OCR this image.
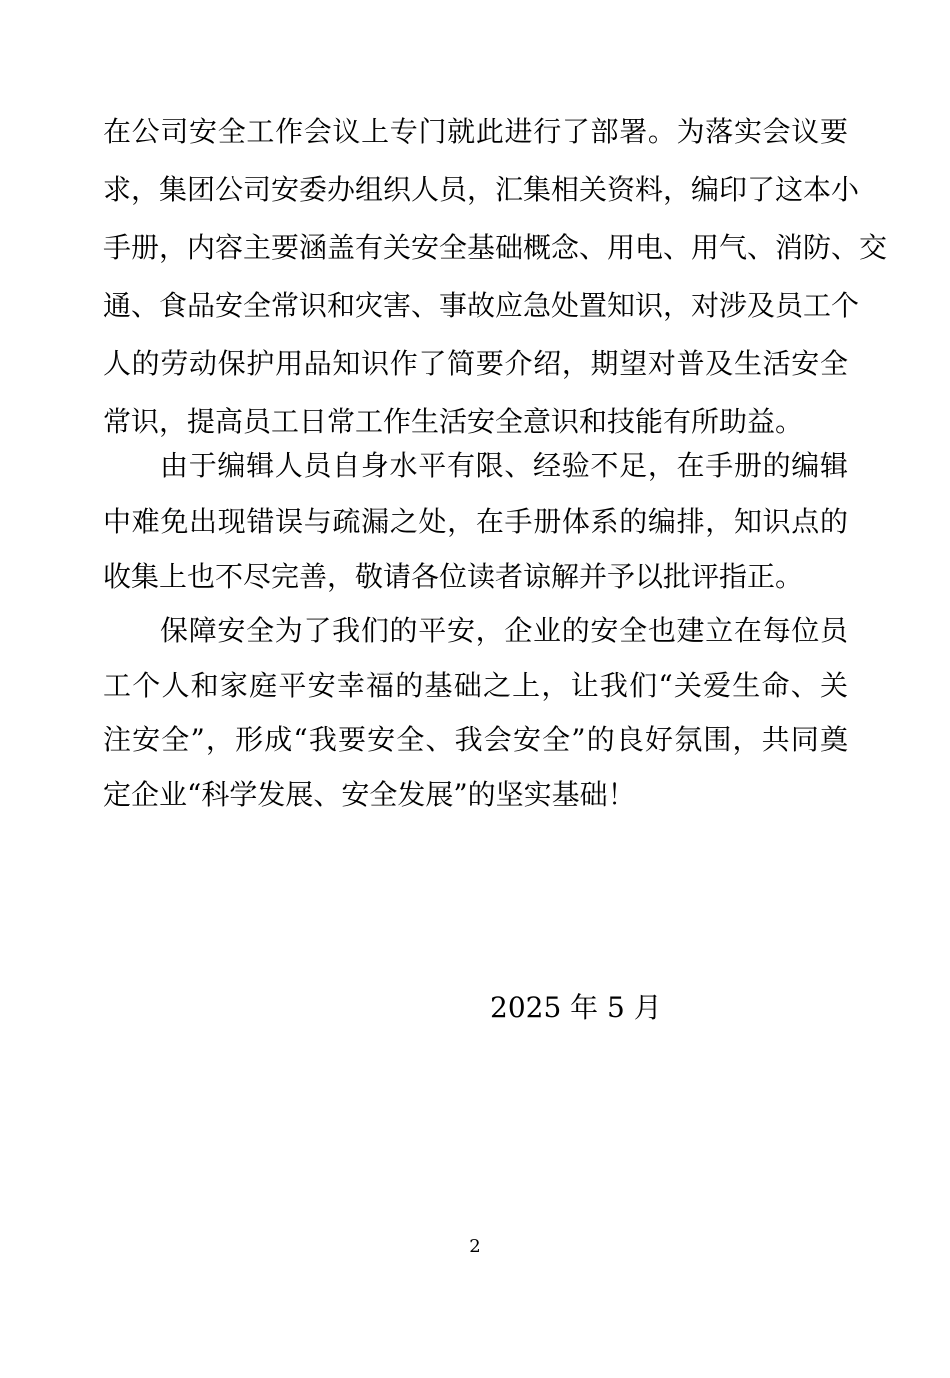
在公司安全工作会议上专门就此进行了部署。为落实会议要
求，集团公司安委办组织人员，汇集相关资料，编印了这本小
手册，内容主要涵盖有关安全基础概念、用电、用气、消防、交
通、食品安全常识和灾害、事故应急处置知识，对涉及员工个
人的劳动保护用品知识作了简要介绍，期望对普及生活安全
常识，提高员工日常工作生活安全意识和技能有所助益。
由于编辑人员自身水平有限、经验不足，在手册的编辑
中难免出现错误与疏漏之处，在手册体系的编排，知识点的
收集上也不尽完善，敬请各位读者谅解并予以批评指正。
保障安全为了我们的平安，企业的安全也建立在每位员
工个人和家庭平安幸福的基础之上，让我们“关爱生命、关
注安全”，形成“我要安全、我会安全”的良好氛围，共同奠
定企业“科学发展、安全发展”的坚实基础！
2025 年 5 月
2
